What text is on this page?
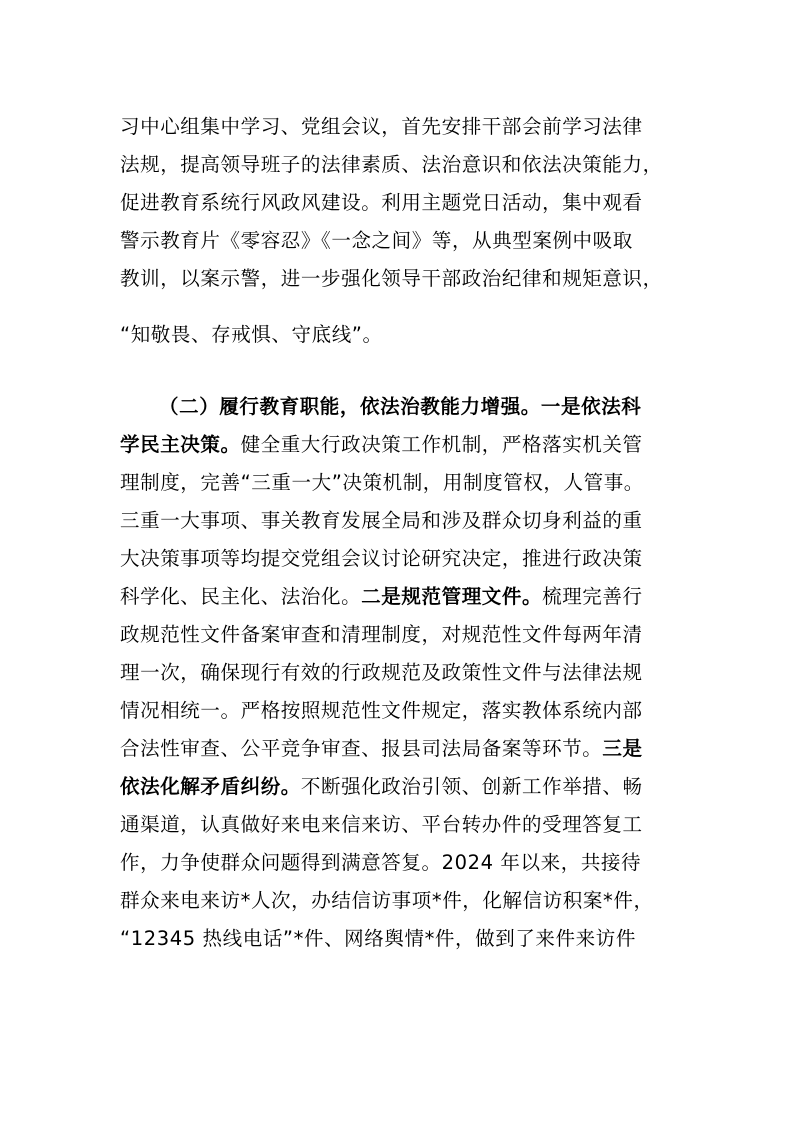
习中心组集中学习、党组会议，首先安排干部会前学习法律
法规，提高领导班子的法律素质、法治意识和依法决策能力，
促进教育系统行风政风建设。利用主题党日活动，集中观看
警示教育片《零容忍》《一念之间》等，从典型案例中吸取
教训，以案示警，进一步强化领导干部政治纪律和规矩意识，
“知敬畏、存戒惧、守底线”。
（二）履行教育职能，依法治教能力增强。一是依法科
学民主决策。健全重大行政决策工作机制，严格落实机关管
理制度，完善“三重一大”决策机制，用制度管权，人管事。
三重一大事项、事关教育发展全局和涉及群众切身利益的重
大决策事项等均提交党组会议讨论研究决定，推进行政决策
科学化、民主化、法治化。二是规范管理文件。梳理完善行
政规范性文件备案审查和清理制度，对规范性文件每两年清
理一次，确保现行有效的行政规范及政策性文件与法律法规
情况相统一。严格按照规范性文件规定，落实教体系统内部
合法性审查、公平竞争审查、报县司法局备案等环节。三是
依法化解矛盾纠纷。不断强化政治引领、创新工作举措、畅
通渠道，认真做好来电来信来访、平台转办件的受理答复工
作，力争使群众问题得到满意答复。2024 年以来，共接待
群众来电来访*人次，办结信访事项*件，化解信访积案*件，
“12345 热线电话”*件、网络舆情*件，做到了来件来访件
